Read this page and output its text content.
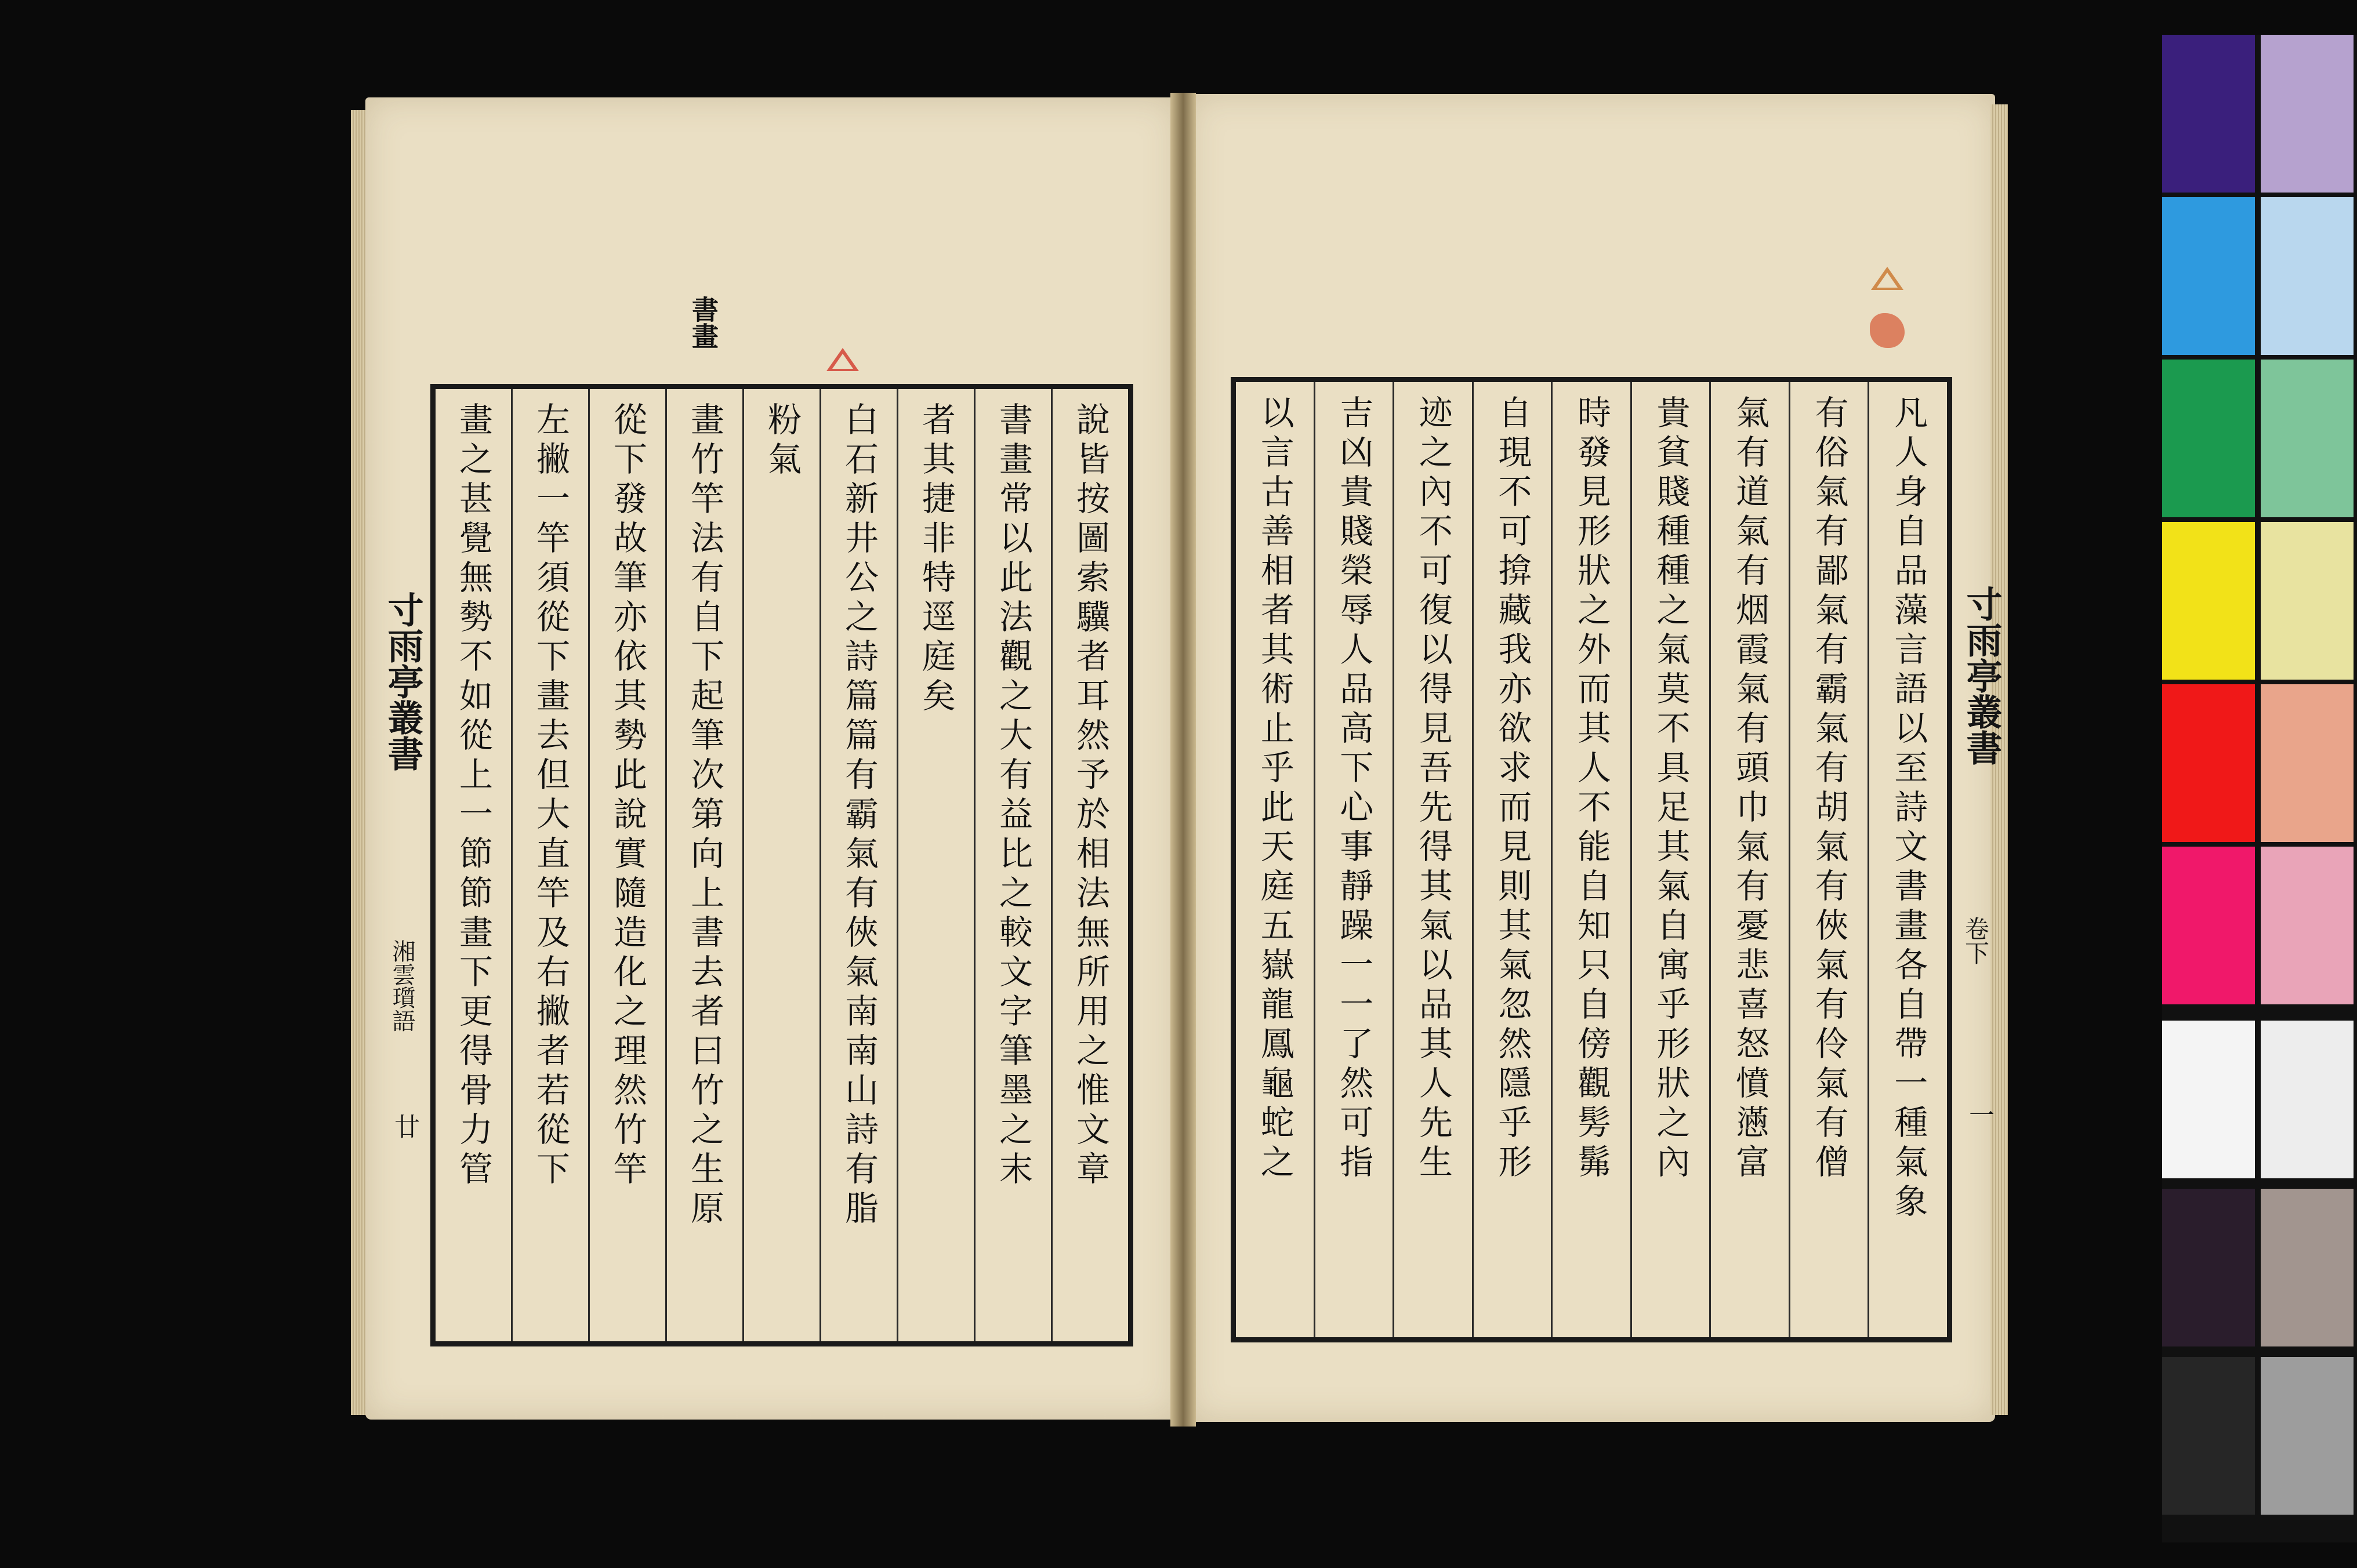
書畫
說皆按圖索驥者耳然予於相法無所用之惟文章
書畫常以此法觀之大有益比之較文字筆墨之末
者其捷非特逕庭矣
白石新井公之詩篇篇有霸氣有俠氣南南山詩有脂
粉氣
畫竹竿法有自下起筆次第向上書去者曰竹之生原
從下發故筆亦依其勢此說實隨造化之理然竹竿
左撇一竿須從下畫去但大直竿及右撇者若從下
畫之甚覺無勢不如從上一節節畫下更得骨力管
寸雨亭叢書
湘雲瓆語
廿	凡人身自品藻言語以至詩文書畫各自帶一種氣象
有俗氣有鄙氣有霸氣有胡氣有俠氣有伶氣有僧
氣有道氣有烟霞氣有頭巾氣有憂悲喜怒憤懣富
貴貧賤種種之氣莫不具足其氣自寓乎形狀之內
時發見形狀之外而其人不能自知只自傍觀髣髴
自現不可揜藏我亦欲求而見則其氣忽然隱乎形
迹之內不可復以得見吾先得其氣以品其人先生
吉凶貴賤榮辱人品高下心事靜躁一一了然可指
以言古善相者其術止乎此天庭五嶽龍鳳龜蛇之	寸雨亭叢書
卷下
一
